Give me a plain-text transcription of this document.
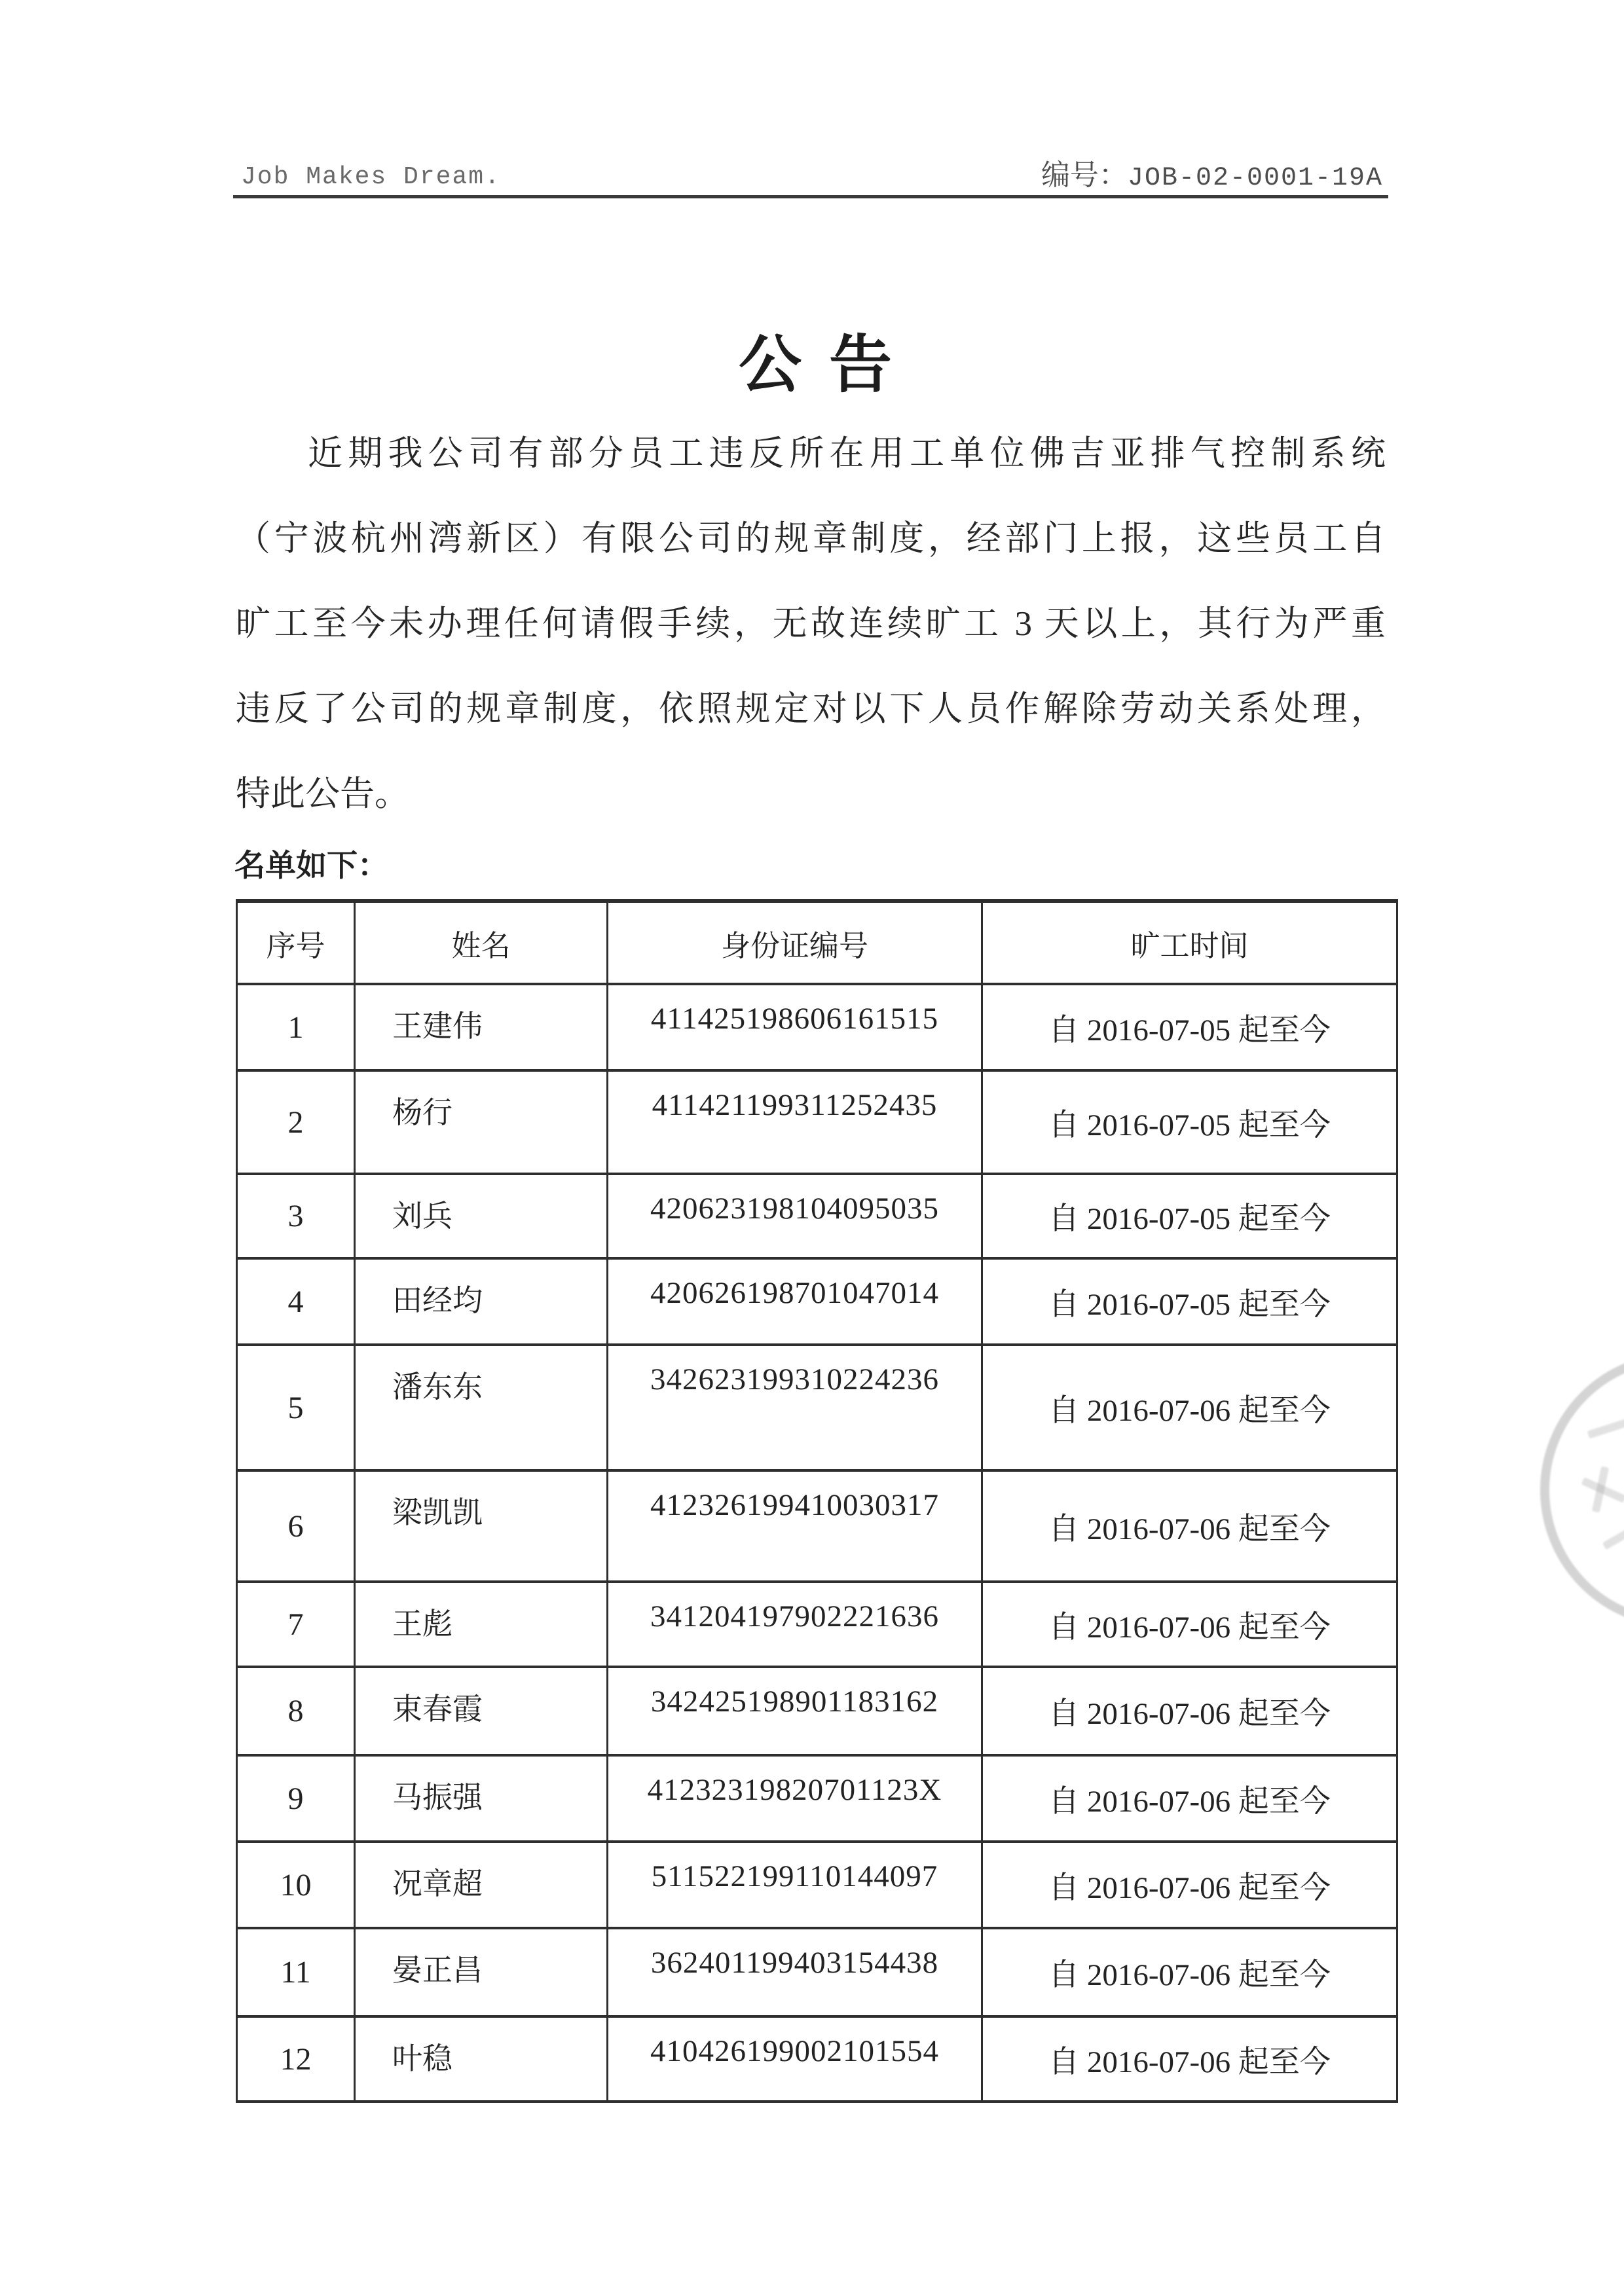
Job Makes Dream.	编号：JOB-02-0001-19A
公 告
近期我公司有部分员工违反所在用工单位佛吉亚排气控制系统
（宁波杭州湾新区）有限公司的规章制度，经部门上报，这些员工自
旷工至今未办理任何请假手续，无故连续旷工 3 天以上，其行为严重
违反了公司的规章制度，依照规定对以下人员作解除劳动关系处理，
特此公告。
名单如下：
序号	姓名	身份证编号	旷工时间
1	王建伟	411425198606161515	自 2016-07-05 起至今
2	杨行	411421199311252435	自 2016-07-05 起至今
3	刘兵	420623198104095035	自 2016-07-05 起至今
4	田经均	420626198701047014	自 2016-07-05 起至今
5	潘东东	342623199310224236	自 2016-07-06 起至今
6	梁凯凯	412326199410030317	自 2016-07-06 起至今
7	王彪	341204197902221636	自 2016-07-06 起至今
8	束春霞	342425198901183162	自 2016-07-06 起至今
9	马振强	41232319820701123X	自 2016-07-06 起至今
10	况章超	511522199110144097	自 2016-07-06 起至今
11	晏正昌	362401199403154438	自 2016-07-06 起至今
12	叶稳	410426199002101554	自 2016-07-06 起至今
